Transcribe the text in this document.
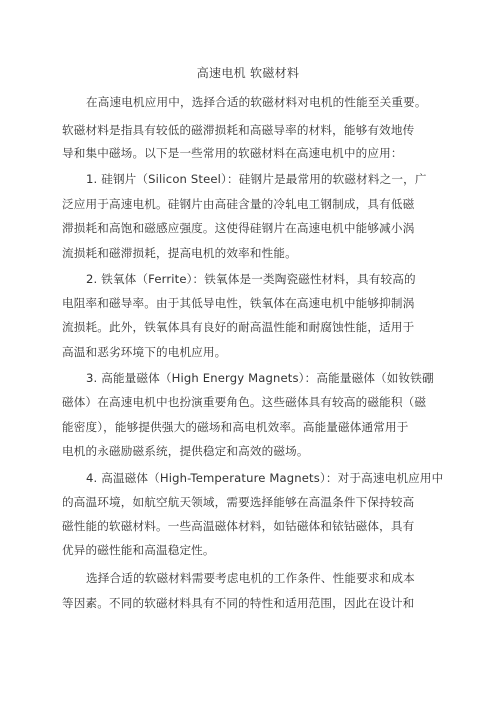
高速电机 软磁材料
在高速电机应用中，选择合适的软磁材料对电机的性能至关重要。
软磁材料是指具有较低的磁滞损耗和高磁导率的材料，能够有效地传
导和集中磁场。以下是一些常用的软磁材料在高速电机中的应用：
1. 硅钢片（Silicon Steel）：硅钢片是最常用的软磁材料之一，广
泛应用于高速电机。硅钢片由高硅含量的冷轧电工钢制成，具有低磁
滞损耗和高饱和磁感应强度。这使得硅钢片在高速电机中能够减小涡
流损耗和磁滞损耗，提高电机的效率和性能。
2. 铁氧体（Ferrite）：铁氧体是一类陶瓷磁性材料，具有较高的
电阻率和磁导率。由于其低导电性，铁氧体在高速电机中能够抑制涡
流损耗。此外，铁氧体具有良好的耐高温性能和耐腐蚀性能，适用于
高温和恶劣环境下的电机应用。
3. 高能量磁体（High Energy Magnets）：高能量磁体（如钕铁硼
磁体）在高速电机中也扮演重要角色。这些磁体具有较高的磁能积（磁
能密度），能够提供强大的磁场和高电机效率。高能量磁体通常用于
电机的永磁励磁系统，提供稳定和高效的磁场。
4. 高温磁体（High-Temperature Magnets）：对于高速电机应用中
的高温环境，如航空航天领域，需要选择能够在高温条件下保持较高
磁性能的软磁材料。一些高温磁体材料，如钴磁体和铱钴磁体，具有
优异的磁性能和高温稳定性。
选择合适的软磁材料需要考虑电机的工作条件、性能要求和成本
等因素。不同的软磁材料具有不同的特性和适用范围，因此在设计和
